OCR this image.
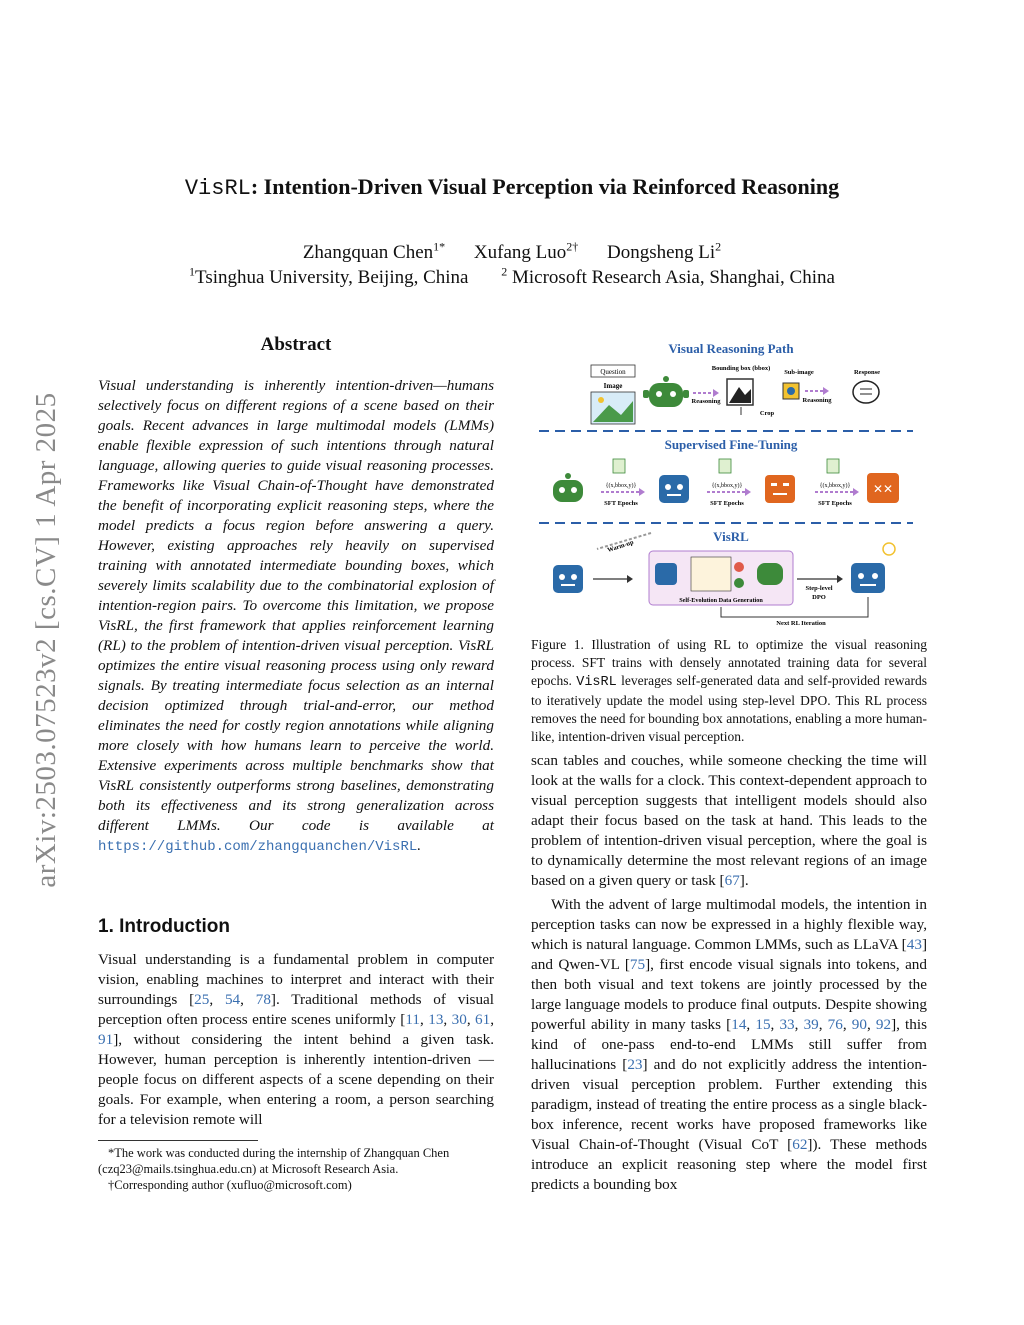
arXiv:2503.07523v2 [cs.CV] 1 Apr 2025
VisRL: Intention-Driven Visual Perception via Reinforced Reasoning
Zhangquan Chen$^{1*}$ Xufang Luo$^{2\dagger}$ Dongsheng Li$^2$
$^1$Tsinghua University, Beijing, China	$^2$ Microsoft Research Asia, Shanghai, China
Abstract
Visual understanding is inherently intention-driven—humans selectively focus on different regions of a scene based on their goals. Recent advances in large multimodal models (LMMs) enable flexible expression of such intentions through natural language, allowing queries to guide visual reasoning processes. Frameworks like Visual Chain-of-Thought have demonstrated the benefit of incorporating explicit reasoning steps, where the model predicts a focus region before answering a query. However, existing approaches rely heavily on supervised training with annotated intermediate bounding boxes, which severely limits scalability due to the combinatorial explosion of intention-region pairs. To overcome this limitation, we propose VisRL, the first framework that applies reinforcement learning (RL) to the problem of intention-driven visual perception. VisRL optimizes the entire visual reasoning process using only reward signals. By treating intermediate focus selection as an internal decision optimized through trial-and-error, our method eliminates the need for costly region annotations while aligning more closely with how humans learn to perceive the world. Extensive experiments across multiple benchmarks show that VisRL consistently outperforms strong baselines, demonstrating both its effectiveness and its strong generalization across different LMMs. Our code is available at https://github.com/zhangquanchen/VisRL.
1. Introduction

Visual understanding is a fundamental problem in computer vision, enabling machines to interpret and interact with their surroundings [25, 54, 78]. Traditional methods of visual perception often process entire scenes uniformly [11, 13, 30, 61, 91], without considering the intent behind a given task. However, human perception is inherently intention-driven — people focus on different aspects of a scene depending on their goals. For example, when entering a room, a person searching for a television remote will

*The work was conducted during the internship of Zhangquan Chen (czq23@mails.tsinghua.edu.cn) at Microsoft Research Asia.

†Corresponding author (xufluo@microsoft.com)

Visual Reasoning Path
Question
Image
Reasoning
Bounding box (bbox)
Crop
Sub-image
Reasoning
Response
Supervised Fine-Tuning
{(x,bbox,y)}
SFT Epochs
{(x,bbox,y)}
SFT Epochs
{(x,bbox,y)}
SFT Epochs
✕✕
VisRL
Warm-up
Self-Evolution Data Generation
Step-level
DPO
Next RL Iteration
Figure 1. Illustration of using RL to optimize the visual reasoning process. SFT trains with densely annotated training data for several epochs. VisRL leverages self-generated data and self-provided rewards to iteratively update the model using step-level DPO. This RL process removes the need for bounding box annotations, enabling a more human-like, intention-driven visual perception.

scan tables and couches, while someone checking the time will look at the walls for a clock. This context-dependent approach to visual perception suggests that intelligent models should also adapt their focus based on the task at hand. This leads to the problem of intention-driven visual perception, where the goal is to dynamically determine the most relevant regions of an image based on a given query or task [67].

With the advent of large multimodal models, the intention in perception tasks can now be expressed in a highly flexible way, which is natural language. Common LMMs, such as LLaVA [43] and Qwen-VL [75], first encode visual signals into tokens, and then both visual and text tokens are jointly processed by the large language models to produce final outputs. Despite showing powerful ability in many tasks [14, 15, 33, 39, 76, 90, 92], this kind of one-pass end-to-end LMMs still suffer from hallucinations [23] and do not explicitly address the intention-driven visual perception problem. Further extending this paradigm, instead of treating the entire process as a single black-box inference, recent works have proposed frameworks like Visual Chain-of-Thought (Visual CoT [62]). These methods introduce an explicit reasoning step where the model first predicts a bounding box
